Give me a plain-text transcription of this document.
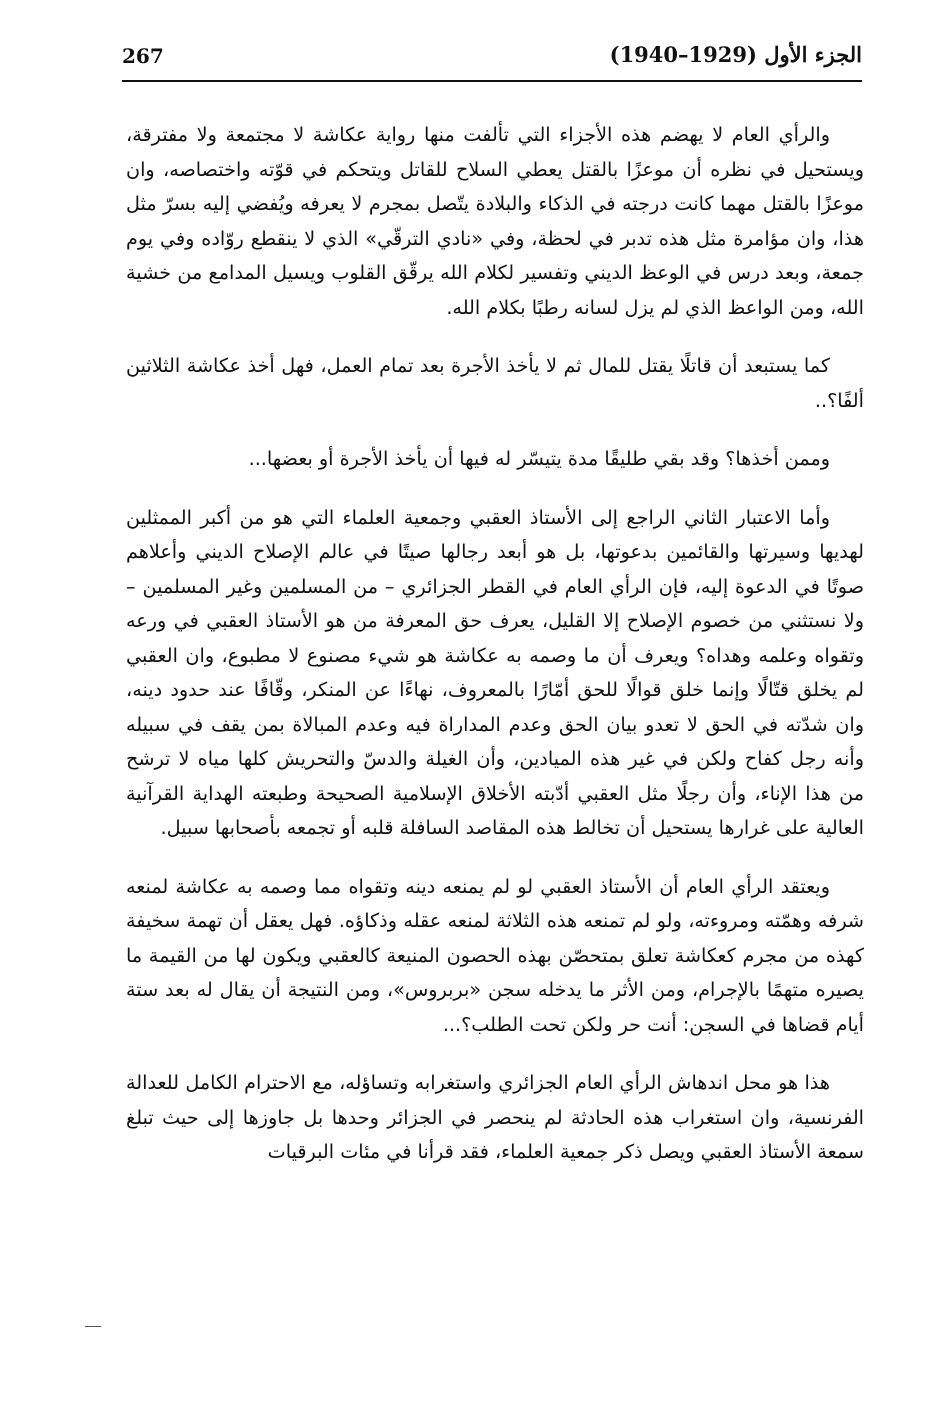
267	الجزء الأول (1929–1940)

والرأي العام لا يهضم هذه الأجزاء التي تألفت منها رواية عكاشة لا مجتمعة ولا مفترقة، ويستحيل في نظره أن موعزًا بالقتل يعطي السلاح للقاتل ويتحكم في قوّته واختصاصه، وان موعزًا بالقتل مهما كانت درجته في الذكاء والبلادة يتّصل بمجرم لا يعرفه ويُفضي إليه بسرّ مثل هذا، وان مؤامرة مثل هذه تدبر في لحظة، وفي «نادي الترقّي» الذي لا ينقطع روّاده وفي يوم جمعة، وبعد درس في الوعظ الديني وتفسير لكلام الله يرقّق القلوب ويسيل المدامع من خشية الله، ومن الواعظ الذي لم يزل لسانه رطبًا بكلام الله.

كما يستبعد أن قاتلًا يقتل للمال ثم لا يأخذ الأجرة بعد تمام العمل، فهل أخذ عكاشة الثلاثين ألفًا؟..

وممن أخذها؟ وقد بقي طليقًا مدة يتيسّر له فيها أن يأخذ الأجرة أو بعضها...

وأما الاعتبار الثاني الراجع إلى الأستاذ العقبي وجمعية العلماء التي هو من أكبر الممثلين لهديها وسيرتها والقائمين بدعوتها، بل هو أبعد رجالها صيتًا في عالم الإصلاح الديني وأعلاهم صوتًا في الدعوة إليه، فإن الرأي العام في القطر الجزائري – من المسلمين وغير المسلمين – ولا نستثني من خصوم الإصلاح إلا القليل، يعرف حق المعرفة من هو الأستاذ العقبي في ورعه وتقواه وعلمه وهداه؟ ويعرف أن ما وصمه به عكاشة هو شيء مصنوع لا مطبوع، وان العقبي لم يخلق قتّالًا وإنما خلق قوالًا للحق أمّارًا بالمعروف، نهاءًا عن المنكر، وقّافًا عند حدود دينه، وان شدّته في الحق لا تعدو بيان الحق وعدم المداراة فيه وعدم المبالاة بمن يقف في سبيله وأنه رجل كفاح ولكن في غير هذه الميادين، وأن الغيلة والدسّ والتحريش كلها مياه لا ترشح من هذا الإناء، وأن رجلًا مثل العقبي أدّبته الأخلاق الإسلامية الصحيحة وطبعته الهداية القرآنية العالية على غرارها يستحيل أن تخالط هذه المقاصد السافلة قلبه أو تجمعه بأصحابها سبيل.

ويعتقد الرأي العام أن الأستاذ العقبي لو لم يمنعه دينه وتقواه مما وصمه به عكاشة لمنعه شرفه وهمّته ومروءته، ولو لم تمنعه هذه الثلاثة لمنعه عقله وذكاؤه. فهل يعقل أن تهمة سخيفة كهذه من مجرم كعكاشة تعلق بمتحصّن بهذه الحصون المنيعة كالعقبي ويكون لها من القيمة ما يصيره متهمًا بالإجرام، ومن الأثر ما يدخله سجن «بربروس»، ومن النتيجة أن يقال له بعد ستة أيام قضاها في السجن: أنت حر ولكن تحت الطلب؟...

هذا هو محل اندهاش الرأي العام الجزائري واستغرابه وتساؤله، مع الاحترام الكامل للعدالة الفرنسية، وان استغراب هذه الحادثة لم ينحصر في الجزائر وحدها بل جاوزها إلى حيث تبلغ سمعة الأستاذ العقبي ويصل ذكر جمعية العلماء، فقد قرأنا في مئات البرقيات
